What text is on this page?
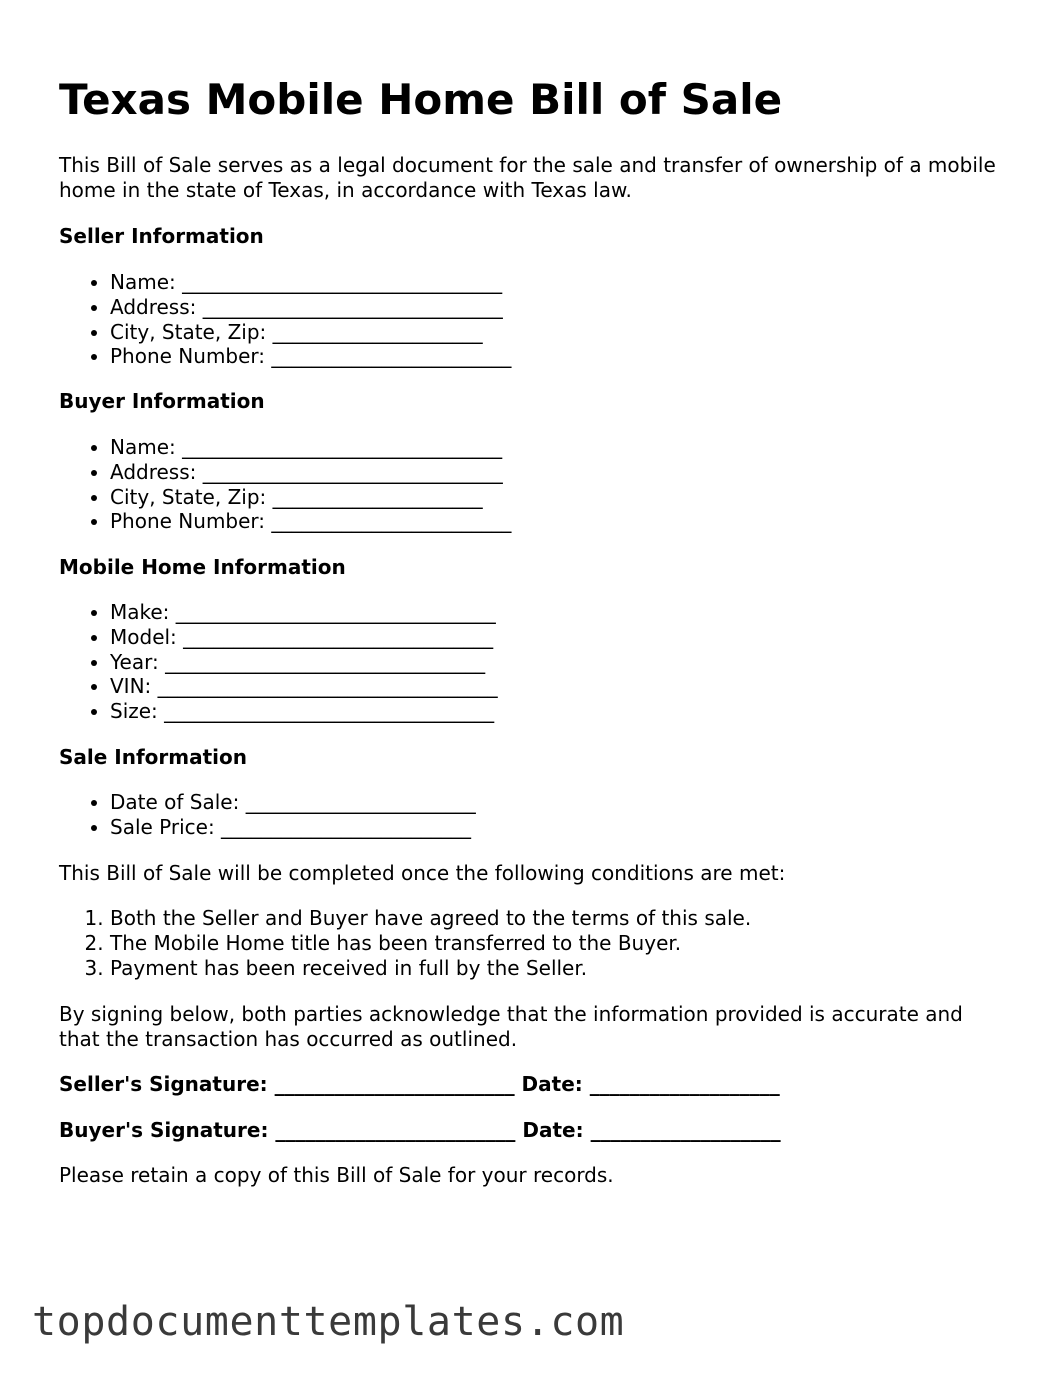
Texas Mobile Home Bill of Sale

This Bill of Sale serves as a legal document for the sale and transfer of ownership of a mobile home in the state of Texas, in accordance with Texas law.

Seller Information

• Name: ________________________________
• Address: ______________________________
• City, State, Zip: _____________________
• Phone Number: ________________________

Buyer Information

• Name: ________________________________
• Address: ______________________________
• City, State, Zip: _____________________
• Phone Number: ________________________

Mobile Home Information

• Make: ________________________________
• Model: _______________________________
• Year: ________________________________
• VIN: __________________________________
• Size: _________________________________

Sale Information

• Date of Sale: _______________________
• Sale Price: _________________________

This Bill of Sale will be completed once the following conditions are met:

1. Both the Seller and Buyer have agreed to the terms of this sale.
2. The Mobile Home title has been transferred to the Buyer.
3. Payment has been received in full by the Seller.

By signing below, both parties acknowledge that the information provided is accurate and that the transaction has occurred as outlined.

Seller's Signature: ________________________ Date: ___________________

Buyer's Signature: ________________________ Date: ___________________

Please retain a copy of this Bill of Sale for your records.

topdocumenttemplates.com
